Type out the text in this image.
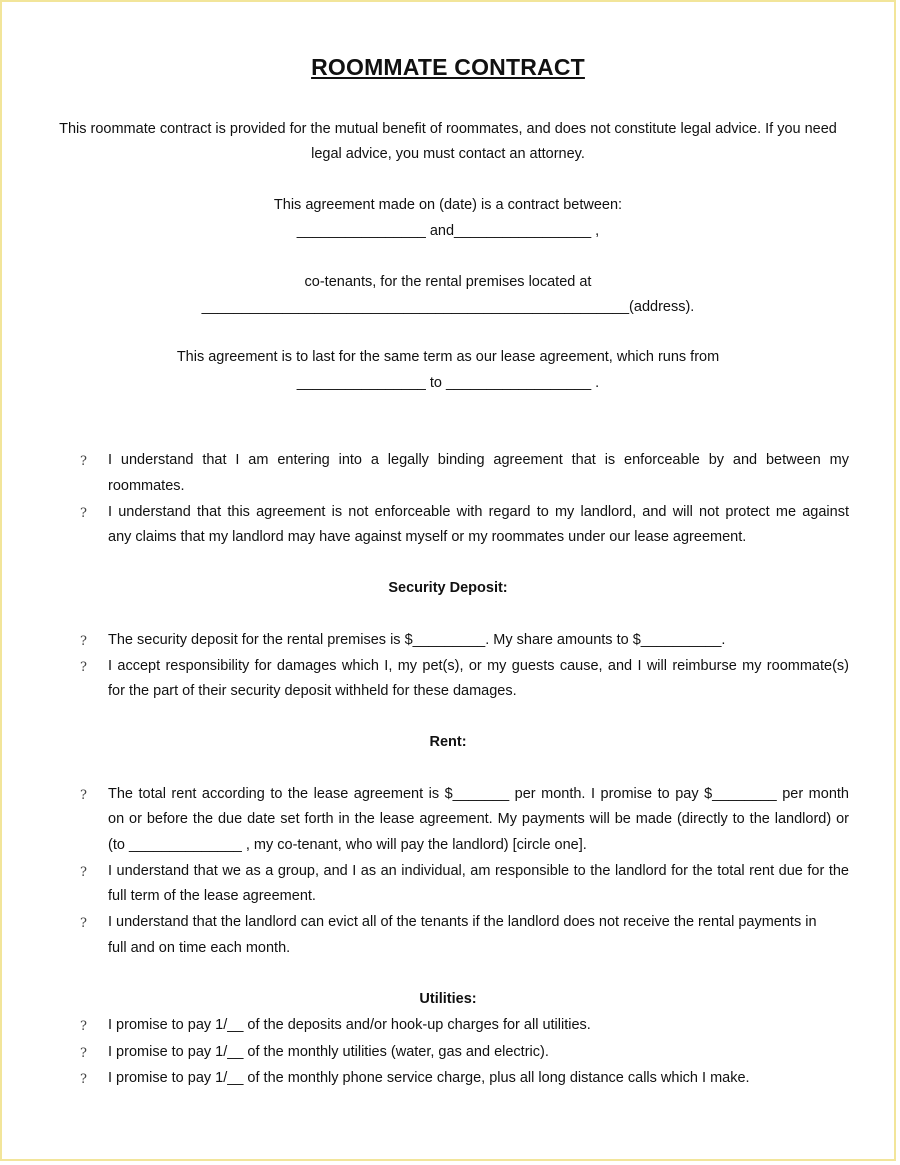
ROOMMATE CONTRACT
This roommate contract is provided for the mutual benefit of roommates, and does not constitute legal advice. If you need
legal advice, you must contact an attorney.
This agreement made on (date) is a contract between:
________________ and_________________ ,
co-tenants, for the rental premises located at
_____________________________________________________(address).
This agreement is to last for the same term as our lease agreement, which runs from
________________ to __________________ .
? I understand that I am entering into a legally binding agreement that is enforceable by and between my
roommates.
? I understand that this agreement is not enforceable with regard to my landlord, and will not protect me against
any claims that my landlord may have against myself or my roommates under our lease agreement.
Security Deposit:
? The security deposit for the rental premises is $_________. My share amounts to $__________.
? I accept responsibility for damages which I, my pet(s), or my guests cause, and I will reimburse my roommate(s)
for the part of their security deposit withheld for these damages.
Rent:
? The total rent according to the lease agreement is $_______ per month. I promise to pay $________ per month
on or before the due date set forth in the lease agreement. My payments will be made (directly to the landlord) or
(to ______________ , my co-tenant, who will pay the landlord) [circle one].
? I understand that we as a group, and I as an individual, am responsible to the landlord for the total rent due for the
full term of the lease agreement.
? I understand that the landlord can evict all of the tenants if the landlord does not receive the rental payments in
full and on time each month.
Utilities:
? I promise to pay 1/__ of the deposits and/or hook-up charges for all utilities.
? I promise to pay 1/__ of the monthly utilities (water, gas and electric).
? I promise to pay 1/__ of the monthly phone service charge, plus all long distance calls which I make.
